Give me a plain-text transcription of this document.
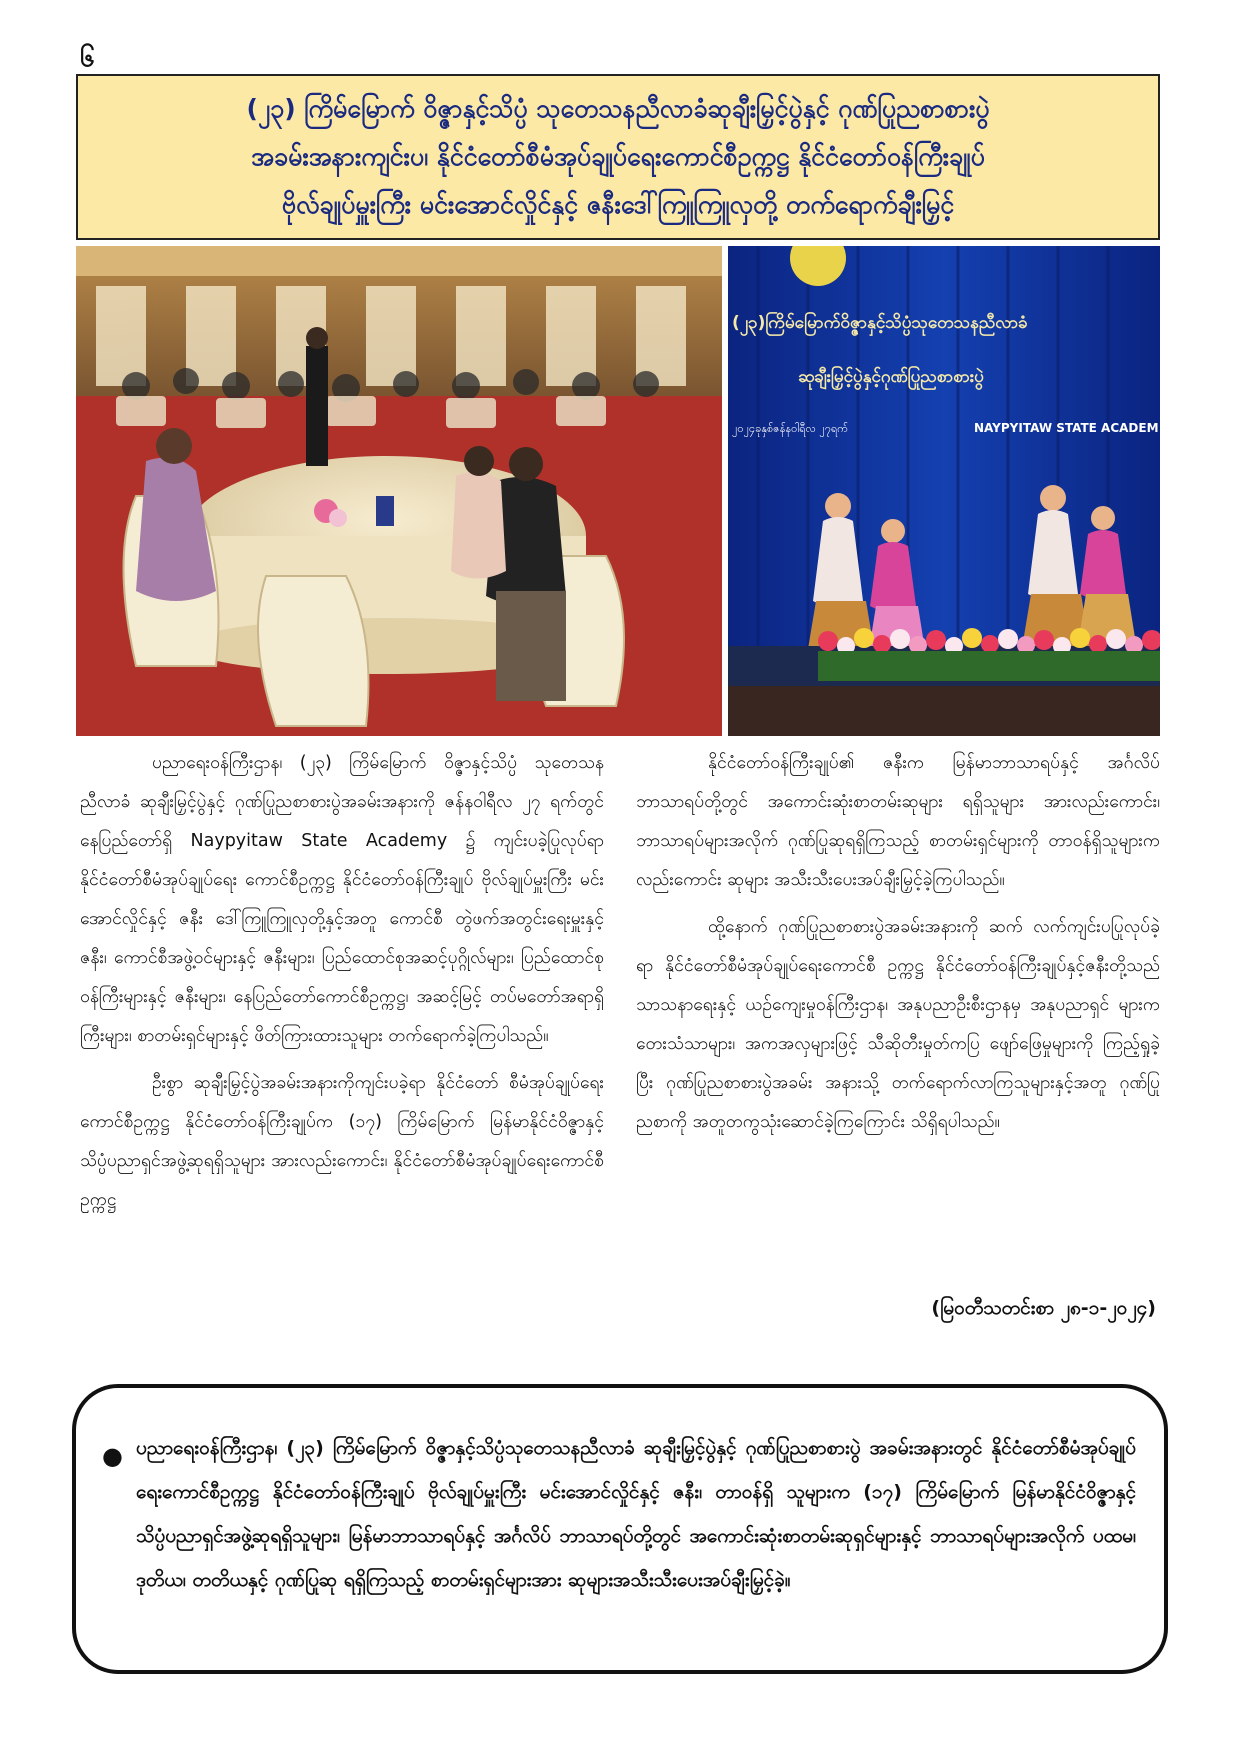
၆
(၂၃) ကြိမ်မြောက် ဝိဇ္ဇာနှင့်သိပ္ပံ သုတေသနညီလာခံဆုချီးမြှင့်ပွဲနှင့် ဂုဏ်ပြုညစာစားပွဲ
အခမ်းအနားကျင်းပ၊ နိုင်ငံတော်စီမံအုပ်ချုပ်ရေးကောင်စီဥက္ကဋ္ဌ နိုင်ငံတော်ဝန်ကြီးချုပ်
ဗိုလ်ချုပ်မှူးကြီး မင်းအောင်လှိုင်နှင့် ဇနီးဒေါ်ကြူကြူလှတို့ တက်ရောက်ချီးမြှင့်
(၂၃)ကြိမ်မြောက်ဝိဇ္ဇာနှင့်သိပ္ပံသုတေသနညီလာခံ
ဆုချီးမြှင့်ပွဲနှင့်ဂုဏ်ပြုညစာစားပွဲ
၂၀၂၄ခုနှစ်ဇန်နဝါရီလ ၂၇ရက်	NAYPYITAW STATE ACADEM

ပညာရေးဝန်ကြီးဌာန၊ (၂၃) ကြိမ်မြောက် ဝိဇ္ဇာနှင့်သိပ္ပံ သုတေသနညီလာခံ ဆုချီးမြှင့်ပွဲနှင့် ဂုဏ်ပြုညစာစားပွဲအခမ်းအနားကို ဇန်နဝါရီလ ၂၇ ရက်တွင် နေပြည်တော်ရှိ Naypyitaw State Academy ၌ ကျင်းပခဲ့ပြုလုပ်ရာ နိုင်ငံတော်စီမံအုပ်ချုပ်ရေး ကောင်စီဥက္ကဋ္ဌ နိုင်ငံတော်ဝန်ကြီးချုပ် ဗိုလ်ချုပ်မှူးကြီး မင်းအောင်လှိုင်နှင့် ဇနီး ဒေါ်ကြူကြူလှတို့နှင့်အတူ ကောင်စီ တွဲဖက်အတွင်းရေးမှူးနှင့် ဇနီး၊ ကောင်စီအဖွဲ့ဝင်များနှင့် ဇနီးများ၊ ပြည်ထောင်စုအဆင့်ပုဂ္ဂိုလ်များ၊ ပြည်ထောင်စုဝန်ကြီးများနှင့် ဇနီးများ၊ နေပြည်တော်ကောင်စီဥက္ကဋ္ဌ၊ အဆင့်မြင့် တပ်မတော်အရာရှိကြီးများ၊ စာတမ်းရှင်များနှင့် ဖိတ်ကြားထားသူများ တက်ရောက်ခဲ့ကြပါသည်။

ဦးစွာ ဆုချီးမြှင့်ပွဲအခမ်းအနားကိုကျင်းပခဲ့ရာ နိုင်ငံတော် စီမံအုပ်ချုပ်ရေးကောင်စီဥက္ကဋ္ဌ နိုင်ငံတော်ဝန်ကြီးချုပ်က (၁၇) ကြိမ်မြောက် မြန်မာနိုင်ငံဝိဇ္ဇာနှင့်သိပ္ပံပညာရှင်အဖွဲ့ဆုရရှိသူများ အားလည်းကောင်း၊ နိုင်ငံတော်စီမံအုပ်ချုပ်ရေးကောင်စီဥက္ကဋ္ဌ

နိုင်ငံတော်ဝန်ကြီးချုပ်၏ ဇနီးက မြန်မာဘာသာရပ်နှင့် အင်္ဂလိပ် ဘာသာရပ်တို့တွင် အကောင်းဆုံးစာတမ်းဆုများ ရရှိသူများ အားလည်းကောင်း၊ ဘာသာရပ်များအလိုက် ဂုဏ်ပြုဆုရရှိကြသည့် စာတမ်းရှင်များကို တာဝန်ရှိသူများကလည်းကောင်း ဆုများ အသီးသီးပေးအပ်ချီးမြှင့်ခဲ့ကြပါသည်။

ထို့နောက် ဂုဏ်ပြုညစာစားပွဲအခမ်းအနားကို ဆက် လက်ကျင်းပပြုလုပ်ခဲ့ရာ နိုင်ငံတော်စီမံအုပ်ချုပ်ရေးကောင်စီ ဥက္ကဋ္ဌ နိုင်ငံတော်ဝန်ကြီးချုပ်နှင့်ဇနီးတို့သည် သာသနာရေးနှင့် ယဉ်ကျေးမှုဝန်ကြီးဌာန၊ အနုပညာဦးစီးဌာနမှ အနုပညာရှင် များက တေးသံသာများ၊ အကအလှများဖြင့် သီဆိုတီးမှုတ်ကပြ ဖျော်ဖြေမှုများကို ကြည့်ရှုခဲ့ပြီး ဂုဏ်ပြုညစာစားပွဲအခမ်း အနားသို့ တက်ရောက်လာကြသူများနှင့်အတူ ဂုဏ်ပြုညစာကို အတူတကွသုံးဆောင်ခဲ့ကြကြောင်း သိရှိရပါသည်။

(မြဝတီသတင်းစာ ၂၈-၁-၂၀၂၄)
● ပညာရေးဝန်ကြီးဌာန၊ (၂၃) ကြိမ်မြောက် ဝိဇ္ဇာနှင့်သိပ္ပံသုတေသနညီလာခံ ဆုချီးမြှင့်ပွဲနှင့် ဂုဏ်ပြုညစာစားပွဲ အခမ်းအနားတွင် နိုင်ငံတော်စီမံအုပ်ချုပ်ရေးကောင်စီဥက္ကဋ္ဌ နိုင်ငံတော်ဝန်ကြီးချုပ် ဗိုလ်ချုပ်မှူးကြီး မင်းအောင်လှိုင်နှင့် ဇနီး၊ တာဝန်ရှိ သူများက (၁၇) ကြိမ်မြောက် မြန်မာနိုင်ငံဝိဇ္ဇာနှင့်သိပ္ပံပညာရှင်အဖွဲ့ဆုရရှိသူများ၊ မြန်မာဘာသာရပ်နှင့် အင်္ဂလိပ် ဘာသာရပ်တို့တွင် အကောင်းဆုံးစာတမ်းဆုရှင်များနှင့် ဘာသာရပ်များအလိုက် ပထမ၊ ဒုတိယ၊ တတိယနှင့် ဂုဏ်ပြုဆု ရရှိကြသည့် စာတမ်းရှင်များအား ဆုများအသီးသီးပေးအပ်ချီးမြှင့်ခဲ့။
